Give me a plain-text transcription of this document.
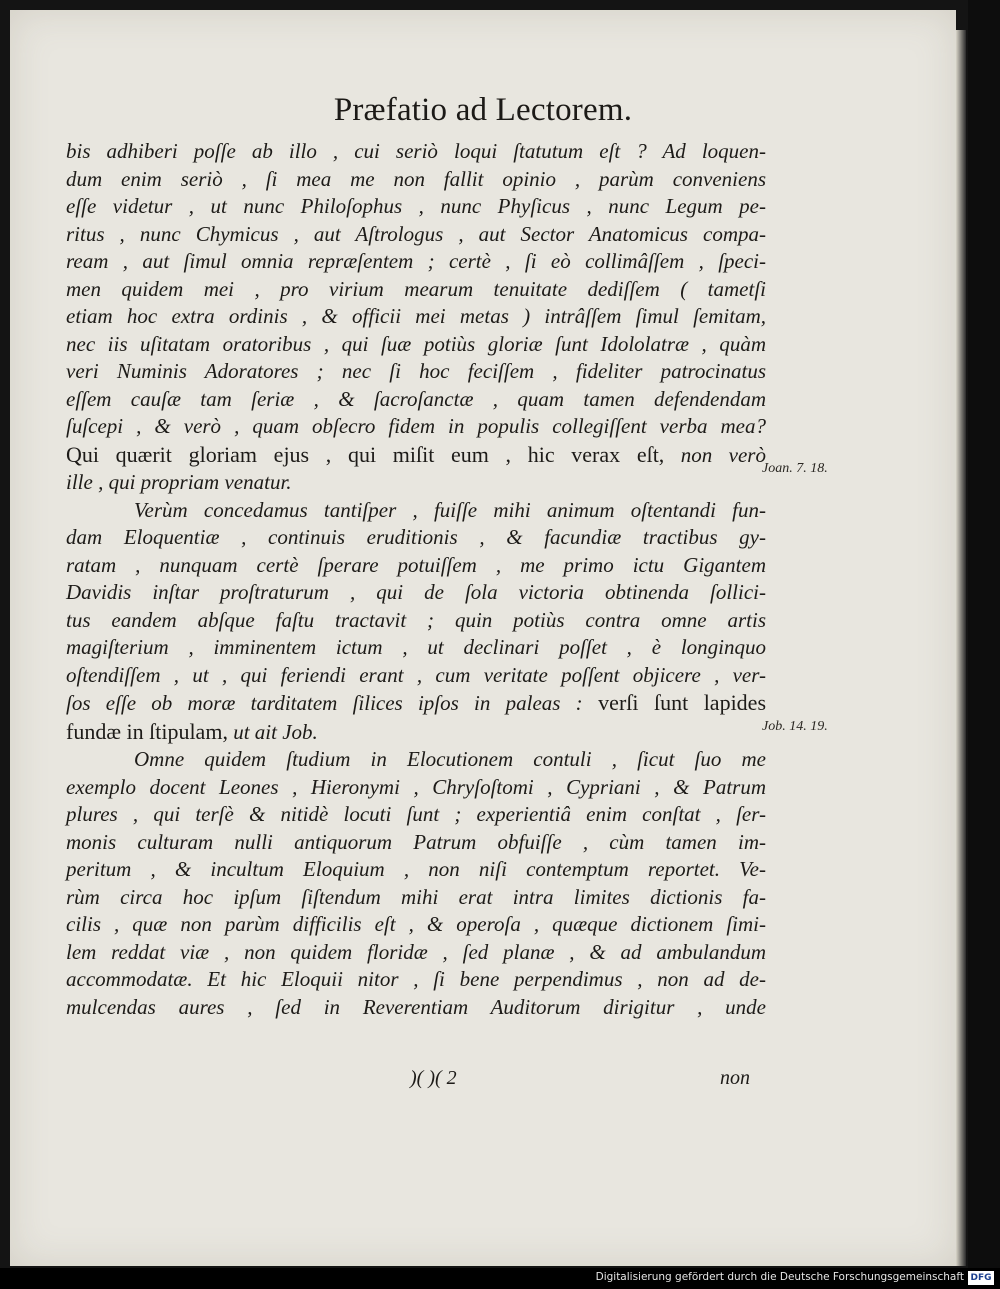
Præfatio ad Lectorem.
bis adhiberi poſſe ab illo , cui seriò loqui ſtatutum eſt ? Ad loquen-
dum enim seriò , ſi mea me non fallit opinio , parùm conveniens
eſſe videtur , ut nunc Philoſophus , nunc Phyſicus , nunc Legum pe-
ritus , nunc Chymicus , aut Aſtrologus , aut Sector Anatomicus compa-
ream , aut ſimul omnia repræſentem ; certè , ſi eò collimâſſem , ſpeci-
men quidem mei , pro virium mearum tenuitate dediſſem ( tametſi
etiam hoc extra ordinis , & officii mei metas ) intrâſſem ſimul ſemitam,
nec iis uſitatam oratoribus , qui ſuæ potiùs gloriæ ſunt Idololatræ , quàm
veri Numinis Adoratores ; nec ſi hoc feciſſem , fideliter patrocinatus
eſſem cauſæ tam ſeriæ , & ſacroſanctæ , quam tamen defendendam
ſuſcepi , & verò , quam obſecro fidem in populis collegiſſent verba mea?
Qui quærit gloriam ejus , qui miſit eum , hic verax eſt, non verò
ille , qui propriam venatur.
Verùm concedamus tantiſper , fuiſſe mihi animum oſtentandi fun-
dam Eloquentiæ , continuis eruditionis , & facundiæ tractibus gy-
ratam , nunquam certè ſperare potuiſſem , me primo ictu Gigantem
Davidis inſtar proſtraturum , qui de ſola victoria obtinenda ſollici-
tus eandem abſque faſtu tractavit ; quin potiùs contra omne artis
magiſterium , imminentem ictum , ut declinari poſſet , è longinquo
oſtendiſſem , ut , qui feriendi erant , cum veritate poſſent objicere , ver-
ſos eſſe ob moræ tarditatem ſilices ipſos in paleas : verſi ſunt lapides
fundæ in ſtipulam, ut ait Job.
Omne quidem ſtudium in Elocutionem contuli , ſicut ſuo me
exemplo docent Leones , Hieronymi , Chryſoſtomi , Cypriani , & Patrum
plures , qui terſè & nitidè locuti ſunt ; experientiâ enim conſtat , ſer-
monis culturam nulli antiquorum Patrum obfuiſſe , cùm tamen im-
peritum , & incultum Eloquium , non niſi contemptum reportet. Ve-
rùm circa hoc ipſum ſiſtendum mihi erat intra limites dictionis fa-
cilis , quæ non parùm difficilis eſt , & operoſa , quæque dictionem ſimi-
lem reddat viæ , non quidem floridæ , ſed planæ , & ad ambulandum
accommodatæ. Et hic Eloquii nitor , ſi bene perpendimus , non ad de-
mulcendas aures , ſed in Reverentiam Auditorum dirigitur , unde
Joan. 7. 18.
Job. 14. 19.
)( )( 2	non
Digitalisierung gefördert durch die Deutsche Forschungsgemeinschaft DFG
